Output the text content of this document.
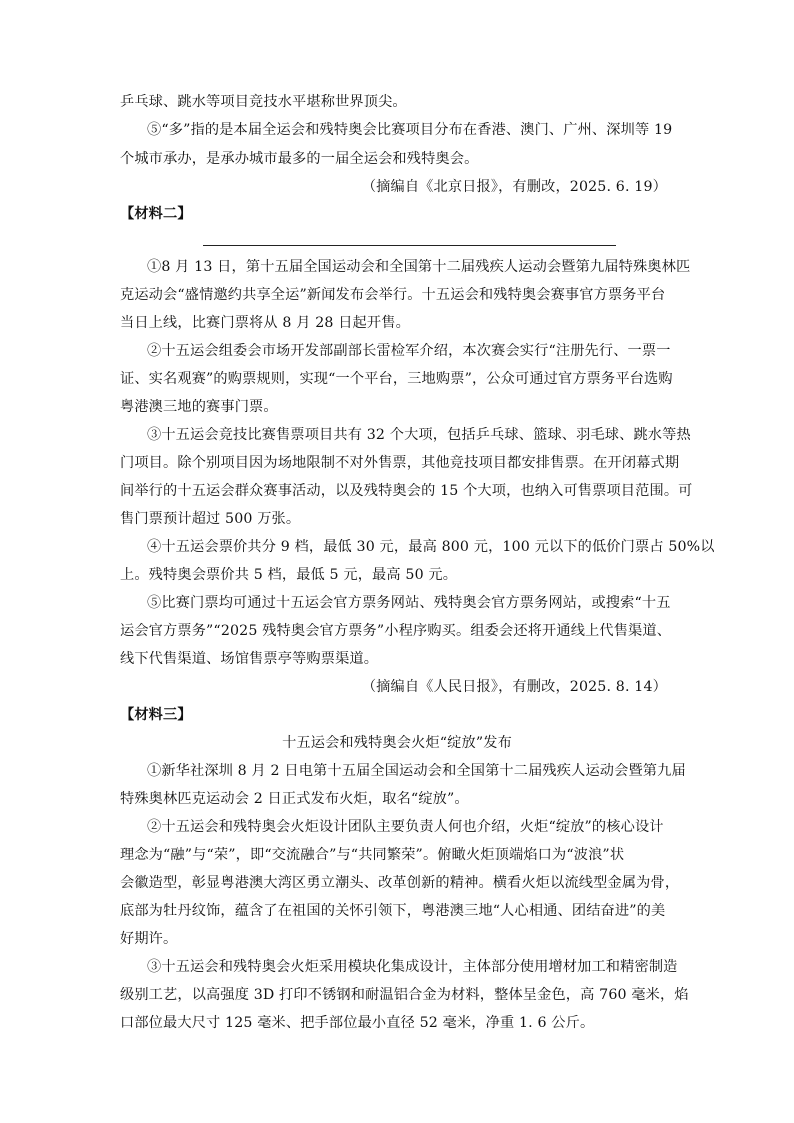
乒乓球、跳水等项目竞技水平堪称世界顶尖。
⑤“多”指的是本届全运会和残特奥会比赛项目分布在香港、澳门、广州、深圳等 19
个城市承办，是承办城市最多的一届全运会和残特奥会。
（摘编自《北京日报》，有删改，2025. 6. 19）
【材料二】
①8 月 13 日，第十五届全国运动会和全国第十二届残疾人运动会暨第九届特殊奥林匹
克运动会“盛情邀约共享全运”新闻发布会举行。十五运会和残特奥会赛事官方票务平台
当日上线，比赛门票将从 8 月 28 日起开售。
②十五运会组委会市场开发部副部长雷检军介绍，本次赛会实行“注册先行、一票一
证、实名观赛”的购票规则，实现“一个平台，三地购票”，公众可通过官方票务平台选购
粤港澳三地的赛事门票。
③十五运会竞技比赛售票项目共有 32 个大项，包括乒乓球、篮球、羽毛球、跳水等热
门项目。除个别项目因为场地限制不对外售票，其他竞技项目都安排售票。在开闭幕式期
间举行的十五运会群众赛事活动，以及残特奥会的 15 个大项，也纳入可售票项目范围。可
售门票预计超过 500 万张。
④十五运会票价共分 9 档，最低 30 元，最高 800 元，100 元以下的低价门票占 50%以
上。残特奥会票价共 5 档，最低 5 元，最高 50 元。
⑤比赛门票均可通过十五运会官方票务网站、残特奥会官方票务网站，或搜索“十五
运会官方票务”“2025 残特奥会官方票务”小程序购买。组委会还将开通线上代售渠道、
线下代售渠道、场馆售票亭等购票渠道。
（摘编自《人民日报》，有删改，2025. 8. 14）
【材料三】
十五运会和残特奥会火炬“绽放”发布
①新华社深圳 8 月 2 日电第十五届全国运动会和全国第十二届残疾人运动会暨第九届
特殊奥林匹克运动会 2 日正式发布火炬，取名“绽放”。
②十五运会和残特奥会火炬设计团队主要负责人何也介绍，火炬“绽放”的核心设计
理念为“融”与“荣”，即“交流融合”与“共同繁荣”。俯瞰火炬顶端焰口为“波浪”状
会徽造型，彰显粤港澳大湾区勇立潮头、改革创新的精神。横看火炬以流线型金属为骨，
底部为牡丹纹饰，蕴含了在祖国的关怀引领下，粤港澳三地“人心相通、团结奋进”的美
好期许。
③十五运会和残特奥会火炬采用模块化集成设计，主体部分使用增材加工和精密制造
级别工艺，以高强度 3D 打印不锈钢和耐温铝合金为材料，整体呈金色，高 760 毫米，焰
口部位最大尺寸 125 毫米、把手部位最小直径 52 毫米，净重 1. 6 公斤。
